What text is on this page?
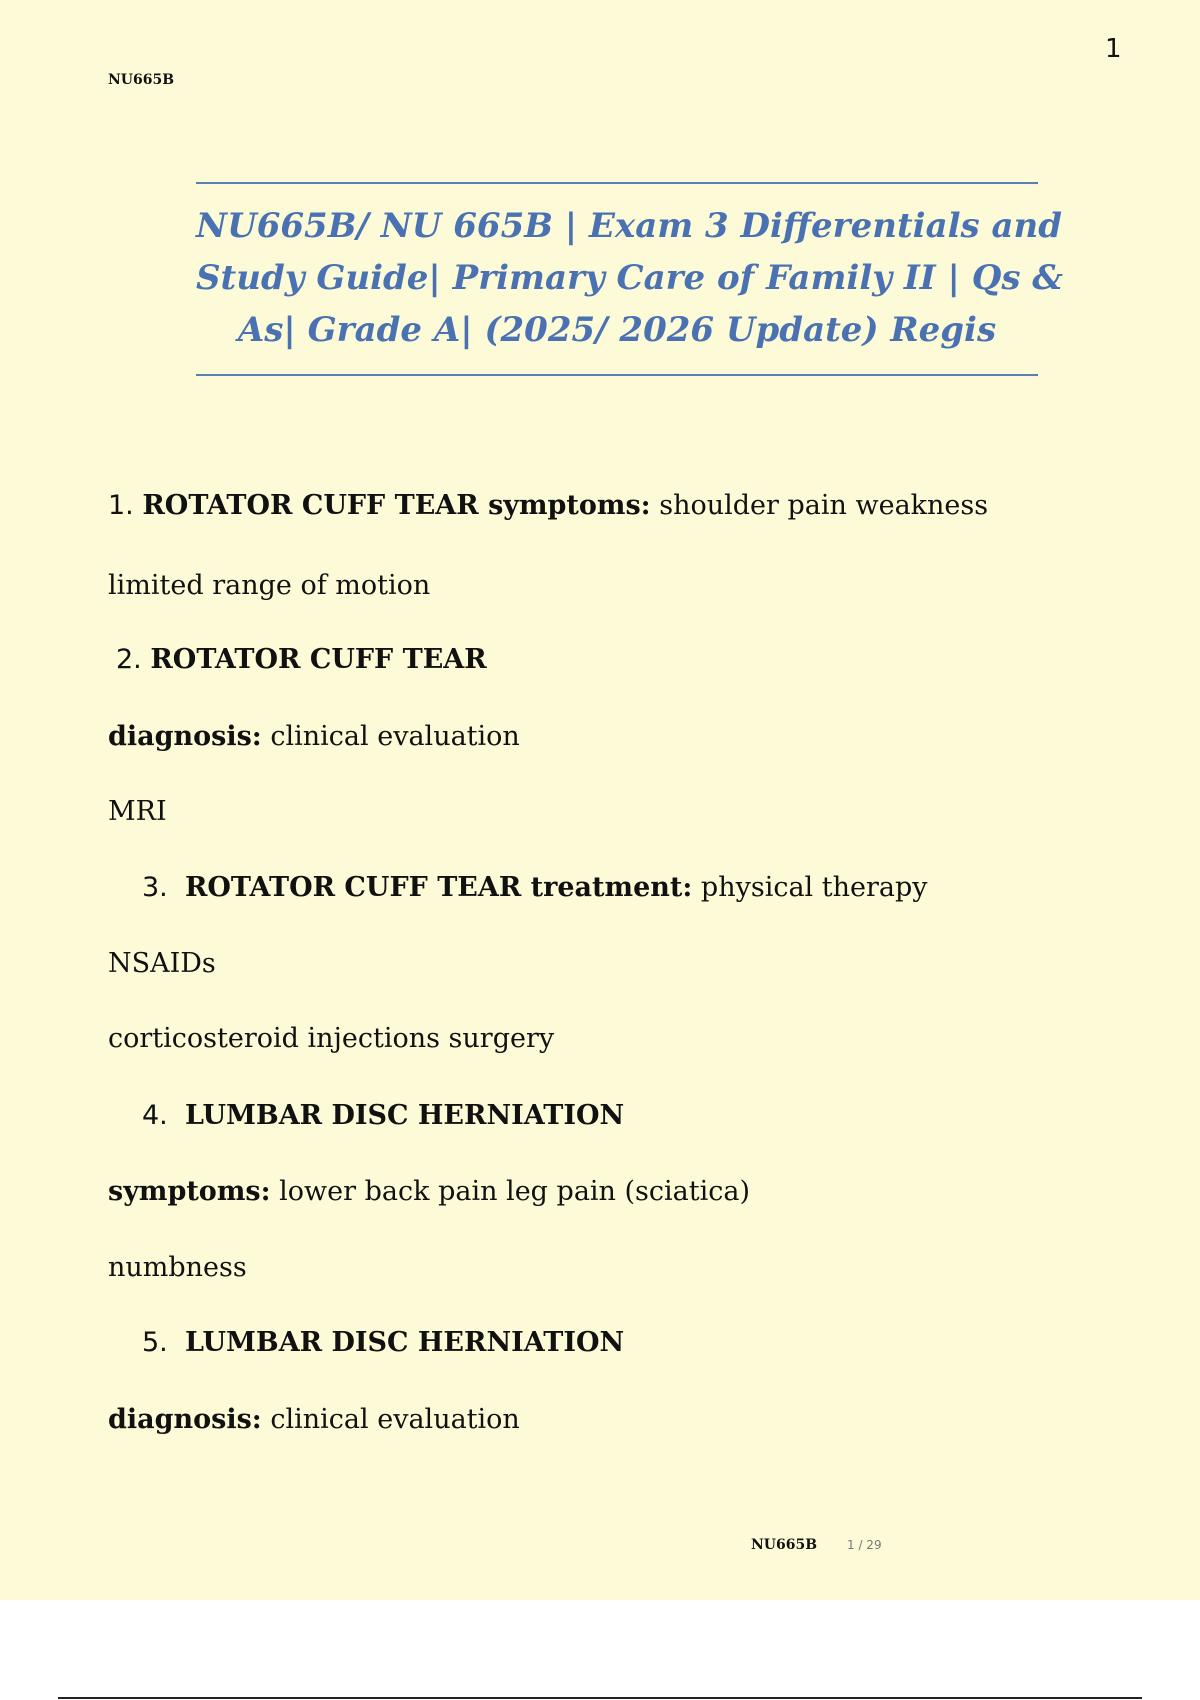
NU665B
1
NU665B/ NU 665B | Exam 3 Differentials and
Study Guide| Primary Care of Family II | Qs &
As| Grade A| (2025/ 2026 Update) Regis
1. ROTATOR CUFF TEAR symptoms: shoulder pain weakness
limited range of motion
2. ROTATOR CUFF TEAR
diagnosis: clinical evaluation
MRI
3. ROTATOR CUFF TEAR treatment: physical therapy
NSAIDs
corticosteroid injections surgery
4. LUMBAR DISC HERNIATION
symptoms: lower back pain leg pain (sciatica)
numbness
5. LUMBAR DISC HERNIATION
diagnosis: clinical evaluation
NU665B 1 / 29
